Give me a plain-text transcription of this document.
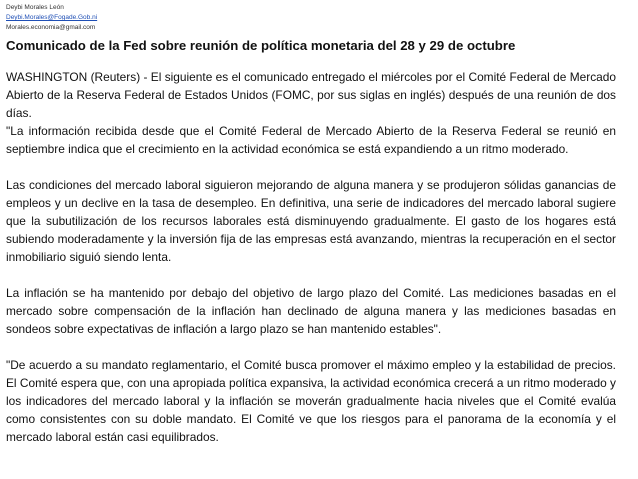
Deybi Morales León
Deybi.Morales@Fogade.Gob.ni
Morales.economia@gmail.com
Comunicado de la Fed sobre reunión de política monetaria del 28 y 29 de octubre

WASHINGTON (Reuters) - El siguiente es el comunicado entregado el miércoles por el Comité Federal de Mercado Abierto de la Reserva Federal de Estados Unidos (FOMC, por sus siglas en inglés) después de una reunión de dos días.

"La información recibida desde que el Comité Federal de Mercado Abierto de la Reserva Federal se reunió en septiembre indica que el crecimiento en la actividad económica se está expandiendo a un ritmo moderado.

Las condiciones del mercado laboral siguieron mejorando de alguna manera y se produjeron sólidas ganancias de empleos y un declive en la tasa de desempleo. En definitiva, una serie de indicadores del mercado laboral sugiere que la subutilización de los recursos laborales está disminuyendo gradualmente. El gasto de los hogares está subiendo moderadamente y la inversión fija de las empresas está avanzando, mientras la recuperación en el sector inmobiliario siguió siendo lenta.

La inflación se ha mantenido por debajo del objetivo de largo plazo del Comité. Las mediciones basadas en el mercado sobre compensación de la inflación han declinado de alguna manera y las mediciones basadas en sondeos sobre expectativas de inflación a largo plazo se han mantenido estables".

"De acuerdo a su mandato reglamentario, el Comité busca promover el máximo empleo y la estabilidad de precios. El Comité espera que, con una apropiada política expansiva, la actividad económica crecerá a un ritmo moderado y los indicadores del mercado laboral y la inflación se moverán gradualmente hacia niveles que el Comité evalúa como consistentes con su doble mandato. El Comité ve que los riesgos para el panorama de la economía y el mercado laboral están casi equilibrados.
